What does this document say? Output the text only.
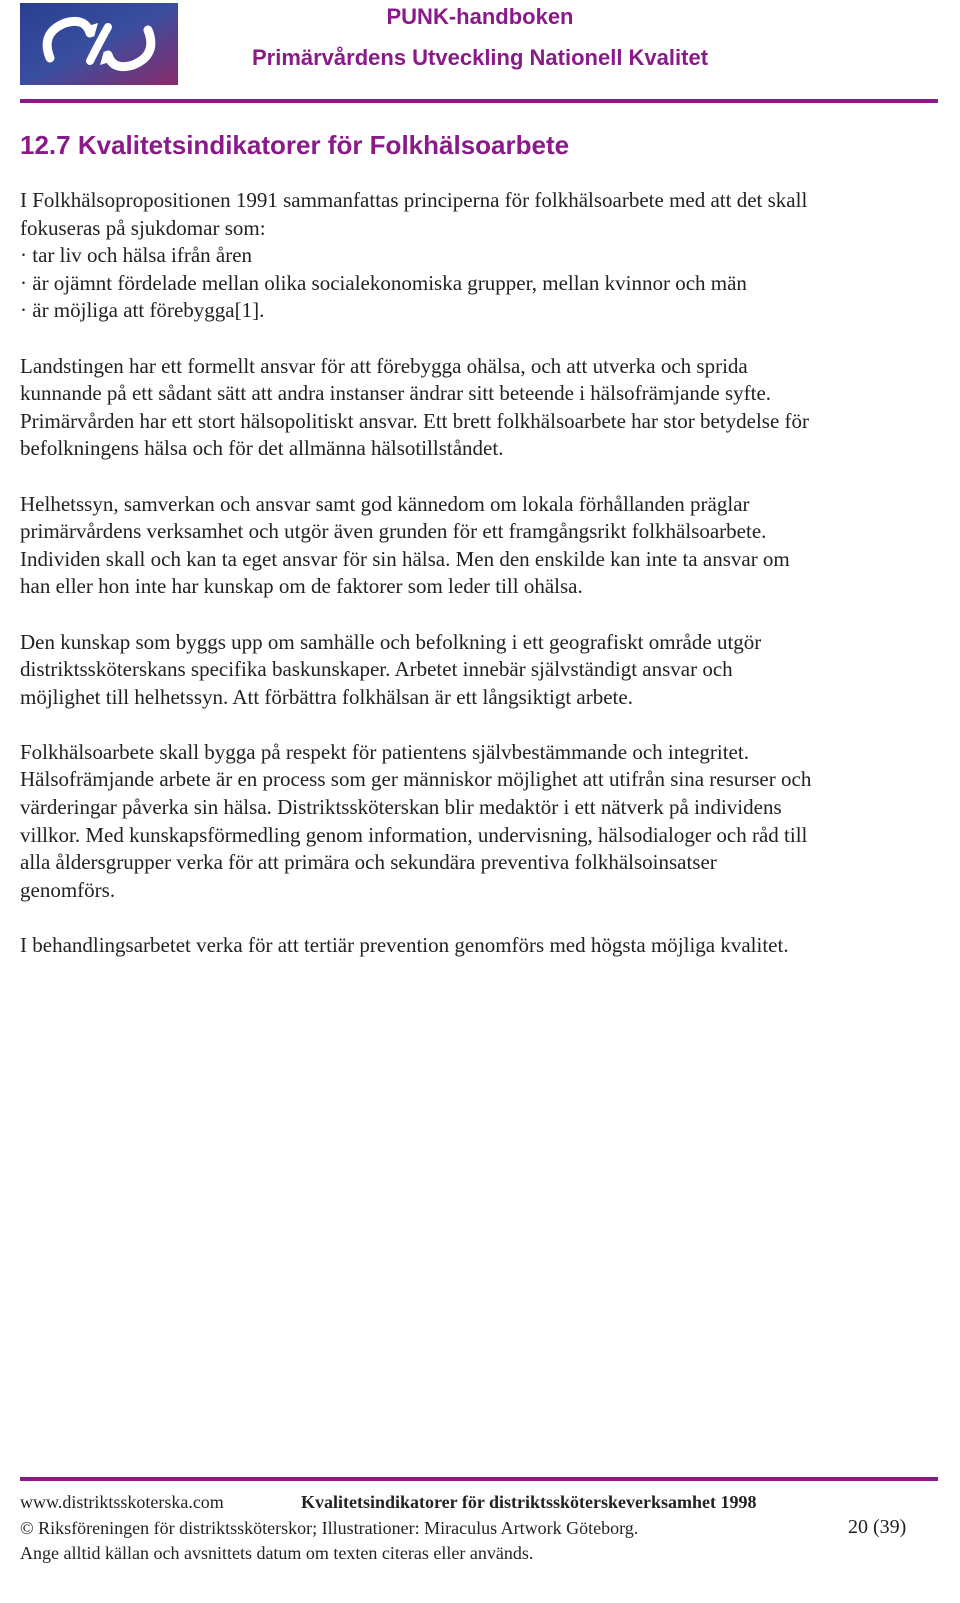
PUNK-handboken
Primärvårdens Utveckling Nationell Kvalitet
12.7 Kvalitetsindikatorer för Folkhälsoarbete

I Folkhälsopropositionen 1991 sammanfattas principerna för folkhälsoarbete med att det skall
fokuseras på sjukdomar som:
· tar liv och hälsa ifrån åren
· är ojämnt fördelade mellan olika socialekonomiska grupper, mellan kvinnor och män
· är möjliga att förebygga[1].

Landstingen har ett formellt ansvar för att förebygga ohälsa, och att utverka och sprida
kunnande på ett sådant sätt att andra instanser ändrar sitt beteende i hälsofrämjande syfte.
Primärvården har ett stort hälsopolitiskt ansvar. Ett brett folkhälsoarbete har stor betydelse för
befolkningens hälsa och för det allmänna hälsotillståndet.

Helhetssyn, samverkan och ansvar samt god kännedom om lokala förhållanden präglar
primärvårdens verksamhet och utgör även grunden för ett framgångsrikt folkhälsoarbete.
Individen skall och kan ta eget ansvar för sin hälsa. Men den enskilde kan inte ta ansvar om
han eller hon inte har kunskap om de faktorer som leder till ohälsa.

Den kunskap som byggs upp om samhälle och befolkning i ett geografiskt område utgör
distriktssköterskans specifika baskunskaper. Arbetet innebär självständigt ansvar och
möjlighet till helhetssyn. Att förbättra folkhälsan är ett långsiktigt arbete.

Folkhälsoarbete skall bygga på respekt för patientens självbestämmande och integritet.
Hälsofrämjande arbete är en process som ger människor möjlighet att utifrån sina resurser och
värderingar påverka sin hälsa. Distriktssköterskan blir medaktör i ett nätverk på individens
villkor. Med kunskapsförmedling genom information, undervisning, hälsodialoger och råd till
alla åldersgrupper verka för att primära och sekundära preventiva folkhälsoinsatser
genomförs.

I behandlingsarbetet verka för att tertiär prevention genomförs med högsta möjliga kvalitet.

www.distriktsskoterska.com	Kvalitetsindikatorer för distriktssköterskeverksamhet 1998
© Riksföreningen för distriktssköterskor; Illustrationer: Miraculus Artwork Göteborg.	20 (39)
Ange alltid källan och avsnittets datum om texten citeras eller används.
